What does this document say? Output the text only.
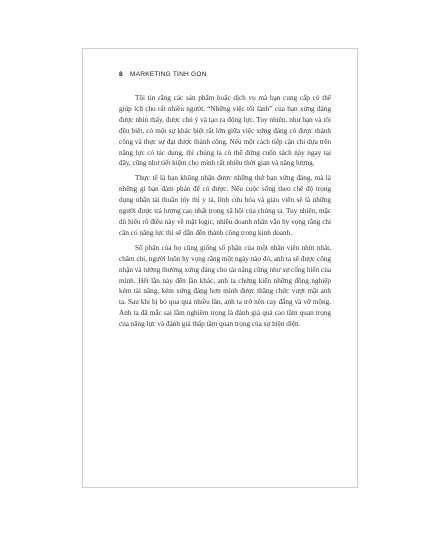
8 MARKETING TINH GỌN

Tôi tin rằng các sản phẩm hoặc dịch vụ mà bạn cung cấp có thể giúp ích cho rất nhiều người. “Những việc tốt lành” của bạn xứng đáng được nhìn thấy, được chú ý và tạo ra động lực. Tuy nhiên, như bạn và tôi đều biết, có một sự khác biệt rất lớn giữa việc xứng đáng có được thành công và thực sự đạt được thành công. Nếu một cách tiếp cận chỉ dựa trên năng lực có tác dụng, thì chúng ta có thể đứng cuốn sách này ngay tại đây, cũng như tiết kiệm cho mình rất nhiều thời gian và năng lượng.

Thực tế là bạn không nhận được những thứ bạn xứng đáng, mà là những gì bạn đàm phán để có được. Nếu cuộc sống theo chế độ trọng dụng nhân tài thuần túy thì y tá, lính cứu hỏa và giáo viên sẽ là những người được trả lương cao nhất trong xã hội của chúng ta. Tuy nhiên, mặc dù hiểu rõ điều này về mặt logic, nhiều doanh nhân vẫn hy vọng rằng chỉ cần có năng lực thì sẽ dẫn đến thành công trong kinh doanh.

Số phận của họ cũng giống số phận của một nhân viên nhút nhát, chăm chỉ, người luôn hy vọng rằng một ngày nào đó, anh ta sẽ được công nhận và tưởng thưởng xứng đáng cho tài năng cũng như sự cống hiến của mình. Hết lần này đến lần khác, anh ta chứng kiến những đồng nghiệp kém tài năng, kém xứng đáng hơn mình được thăng chức vượt mặt anh ta. Sau khi bị bỏ qua quá nhiều lần, anh ta trở nên cay đắng và vỡ mộng. Anh ta đã mắc sai lầm nghiêm trọng là đánh giá quá cao tầm quan trọng của năng lực và đánh giá thấp tầm quan trọng của sự hiện diện.
